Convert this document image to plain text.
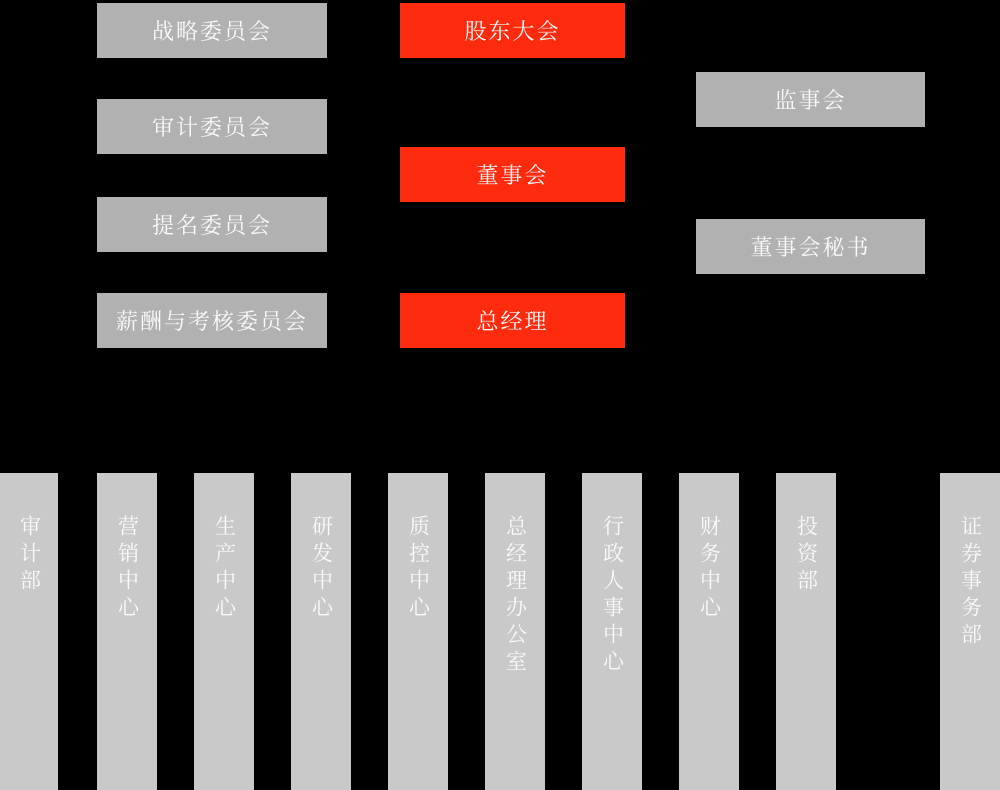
战略委员会
审计委员会
提名委员会
薪酬与考核委员会
股东大会
董事会
总经理
监事会
董事会秘书
审计部	营销中心	生产中心	研发中心	质控中心	总经理办公室	行政人事中心	财务中心	投资部	证券事务部
